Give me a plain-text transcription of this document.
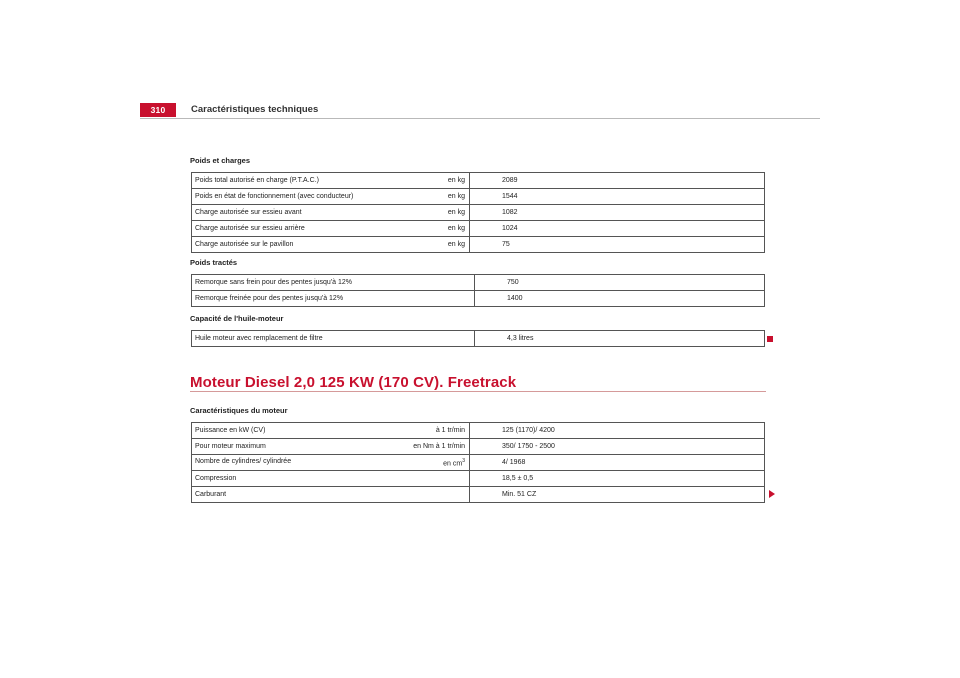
310	Caractéristiques techniques
Poids et charges
Poids total autorisé en charge (P.T.A.C.) en kg	2089

Poids en état de fonctionnement (avec conducteur) en kg	1544

Charge autorisée sur essieu avant en kg	1082

Charge autorisée sur essieu arrière en kg	1024

Charge autorisée sur le pavillon en kg	75
Poids tractés
Remorque sans frein pour des pentes jusqu'à 12%	750
Remorque freinée pour des pentes jusqu'à 12%	1400
Capacité de l'huile-moteur
Huile moteur avec remplacement de filtre	4,3 litres
Moteur Diesel 2,0 125 KW (170 CV). Freetrack
Caractéristiques du moteur
Puissance en kW (CV) à 1 tr/min	125 (1170)/ 4200

Pour moteur maximum en Nm à 1 tr/min	350/ 1750 - 2500

Nombre de cylindres/ cylindrée en $cm^3$	4/ 1968

Compression	18,5 ± 0,5

Carburant	Min. 51 CZ
